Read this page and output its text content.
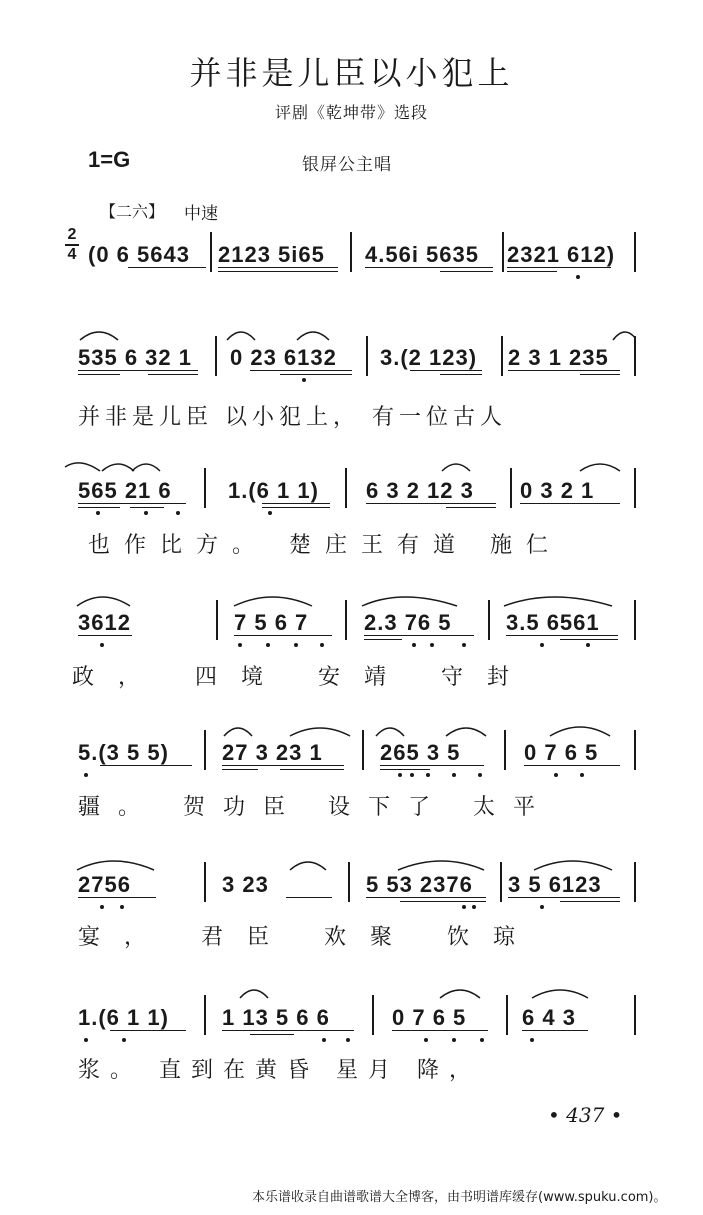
并非是儿臣以小犯上
评剧《乾坤带》选段
1=G	银屏公主唱
【二六】 中速
2
4 (0 6 5643 2123 5i65 4.56i 5635 2321 612)
535 6 32 1 0 23 6132 3.(2 123) 2 3 1 235
并非是儿臣 以小犯上， 有一位古人
565 21 6	1.(6 1 1) 6 3 2 12 3 0 3 2 1
也作比方。 楚庄王有道 施仁
3612	7 5 6 7	2.3 76 5 3.5 6561
政， 四境 安靖 守封
5.(3 5 5) 27 3 23 1	265 3 5	0 7 6 5
疆。 贺功臣 设下了 太平
2756	3 23	5 53 2376 3 5 6123
宴， 君臣 欢聚 饮琼
1.(6 1 1) 1 13 5 6 6	0 7 6 5	6 4 3
浆。 直到在黄昏 星月 降，
• 437 •
本乐谱收录自曲谱歌谱大全博客，由书明谱库缓存(www.spuku.com)。
